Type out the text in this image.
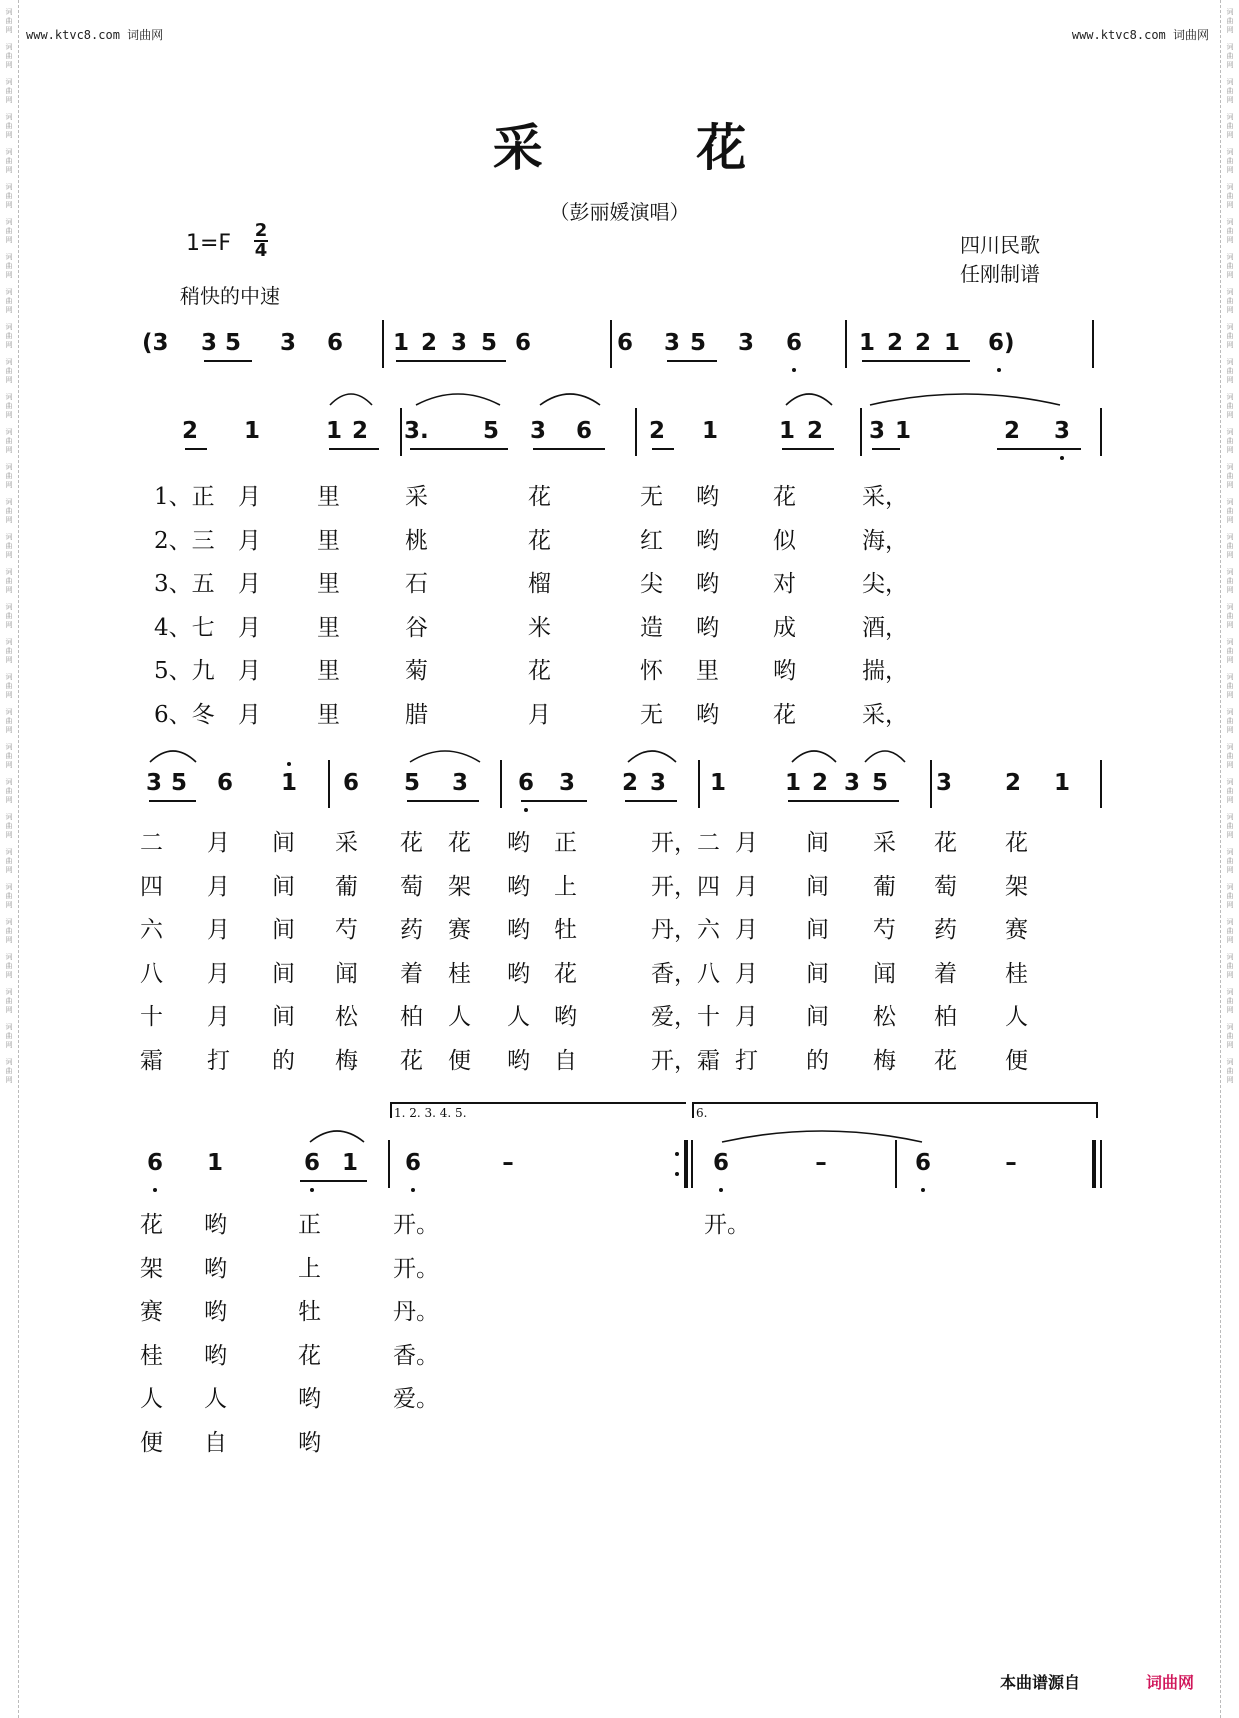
词
曲
网
词
曲
网
词
曲
网
词
曲
网
词
曲
网
词
曲
网
词
曲
网
词
曲
网
词
曲
网
词
曲
网
词
曲
网
词
曲
网
词
曲
网
词
曲
网
词
曲
网
词
曲
网
词
曲
网
词
曲
网
词
曲
网
词
曲
网
词
曲
网
词
曲
网
词
曲
网
词
曲
网
词
曲
网
词
曲
网
词
曲
网
词
曲
网
词
曲
网
词
曲
网
词
曲
网
词
曲
网
词
曲
网
词
曲
网
词
曲
网
词
曲
网
词
曲
网
词
曲
网
词
曲
网
词
曲
网
词
曲
网
词
曲
网
词
曲
网
词
曲
网
词
曲
网
词
曲
网
词
曲
网
词
曲
网
词
曲
网
词
曲
网
词
曲
网
词
曲
网
词
曲
网
词
曲
网
词
曲
网
词
曲
网
词
曲
网
词
曲
网
词
曲
网
词
曲
网
词
曲
网
词
曲
网
www.ktvc8.com 词曲网	www.ktvc8.com 词曲网
采 花
（彭丽媛演唱）
1=F
2
4
稍快的中速
四川民歌
任刚制谱
(3 3 5 3 6 1 2 3 5 6	6 3 5 3 6 1 2 2 1 6)
2 1	1 2 3. 5 3 6 2 1	1 2 3 1	2 3
3 5 6 1 6 5 3 6 3 2 3 1	1 2 3 5 3 2 1
6 1	6 1 6	–	6	–	6	–
1. 2. 3. 4. 5.	6.
1、正 月 里	采	花	无 哟 花	采，
2、三 月 里	桃	花	红 哟 似	海，
3、五 月 里	石	榴	尖 哟 对	尖，
4、七 月 里	谷	米	造 哟 成	酒，
5、九 月 里	菊	花	怀 里 哟	揣，
6、冬 月 里	腊	月	无 哟 花	采，
二 月 间 采 花 花 哟 正	开，二 月 间 采 花 花
四 月 间 葡 萄 架 哟 上	开，四 月 间 葡 萄 架
六 月 间 芍 药 赛 哟 牡	丹，六 月 间 芍 药 赛
八 月 间 闻 着 桂 哟 花	香，八 月 间 闻 着 桂
十 月 间 松 柏 人 人 哟	爱，十 月 间 松 柏 人
霜 打 的 梅 花 便 哟 自	开，霜 打 的 梅 花 便
花 哟	正	开。	开。
架 哟	上	开。
赛 哟	牡	丹。
桂 哟	花	香。
人 人	哟	爱。
便 自	哟
本曲谱源自	词曲网
